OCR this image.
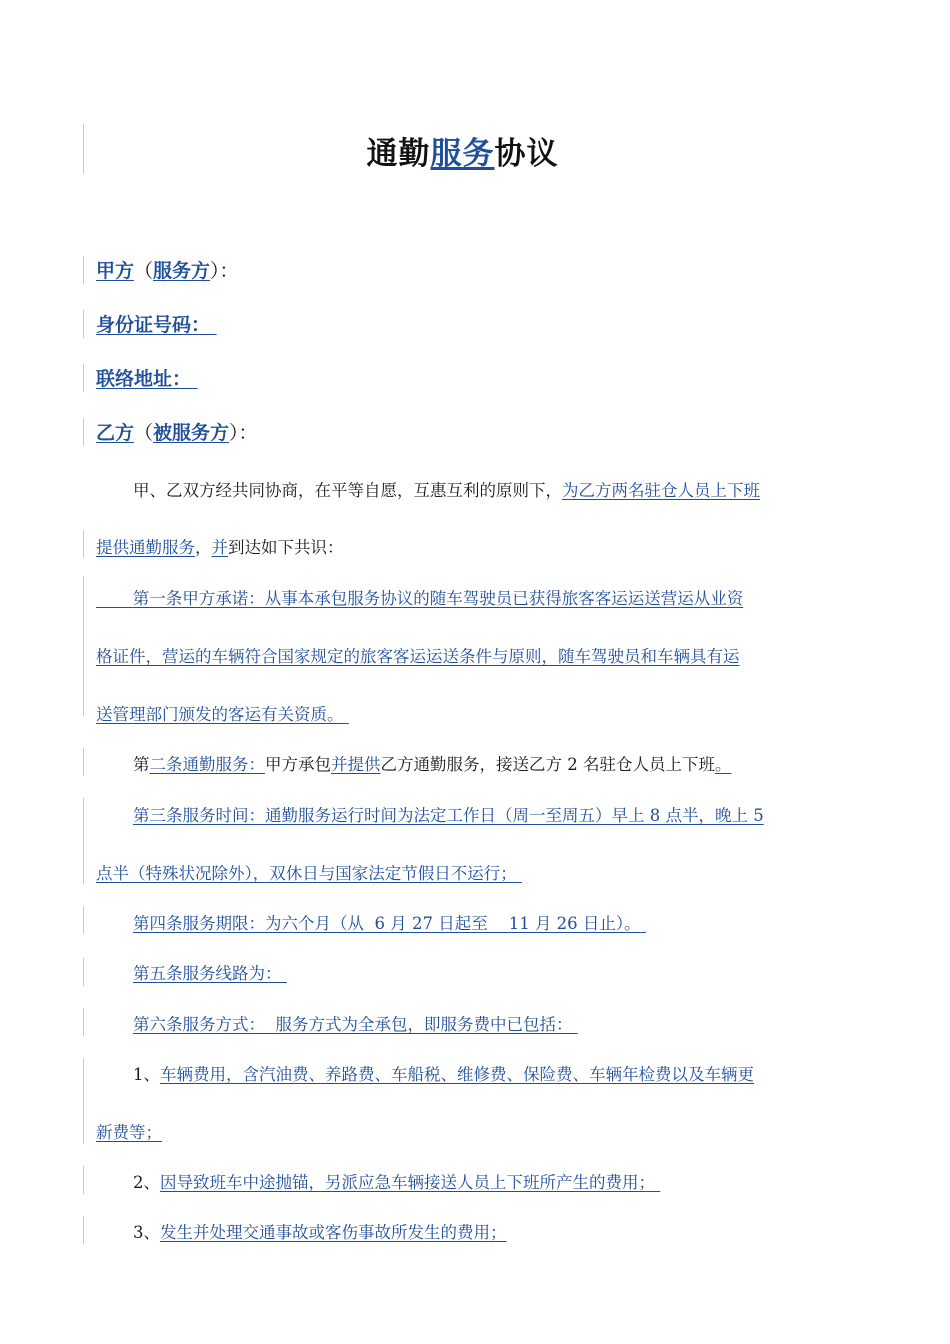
通勤服务协议
甲方（服务方）：
身份证号码：
联络地址：
乙方（被服务方）：
甲、乙双方经共同协商，在平等自愿，互惠互利的原则下，为乙方两名驻仓人员上下班
提供通勤服务，并到达如下共识：
第一条甲方承诺：从事本承包服务协议的随车驾驶员已获得旅客客运运送营运从业资
格证件，营运的车辆符合国家规定的旅客客运运送条件与原则，随车驾驶员和车辆具有运
送管理部门颁发的客运有关资质。
第二条通勤服务：甲方承包并提供乙方通勤服务，接送乙方 2 名驻仓人员上下班。
第三条服务时间：通勤服务运行时间为法定工作日（周一至周五）早上 8 点半，晚上 5
点半（特殊状况除外），双休日与国家法定节假日不运行；
第四条服务期限：为六个月（从  6 月 27 日起至    11 月 26 日止）。
第五条服务线路为：
第六条服务方式：  服务方式为全承包，即服务费中已包括：
1、车辆费用，含汽油费、养路费、车船税、维修费、保险费、车辆年检费以及车辆更
新费等；
2、因导致班车中途抛锚，另派应急车辆接送人员上下班所产生的费用；
3、发生并处理交通事故或客伤事故所发生的费用；
